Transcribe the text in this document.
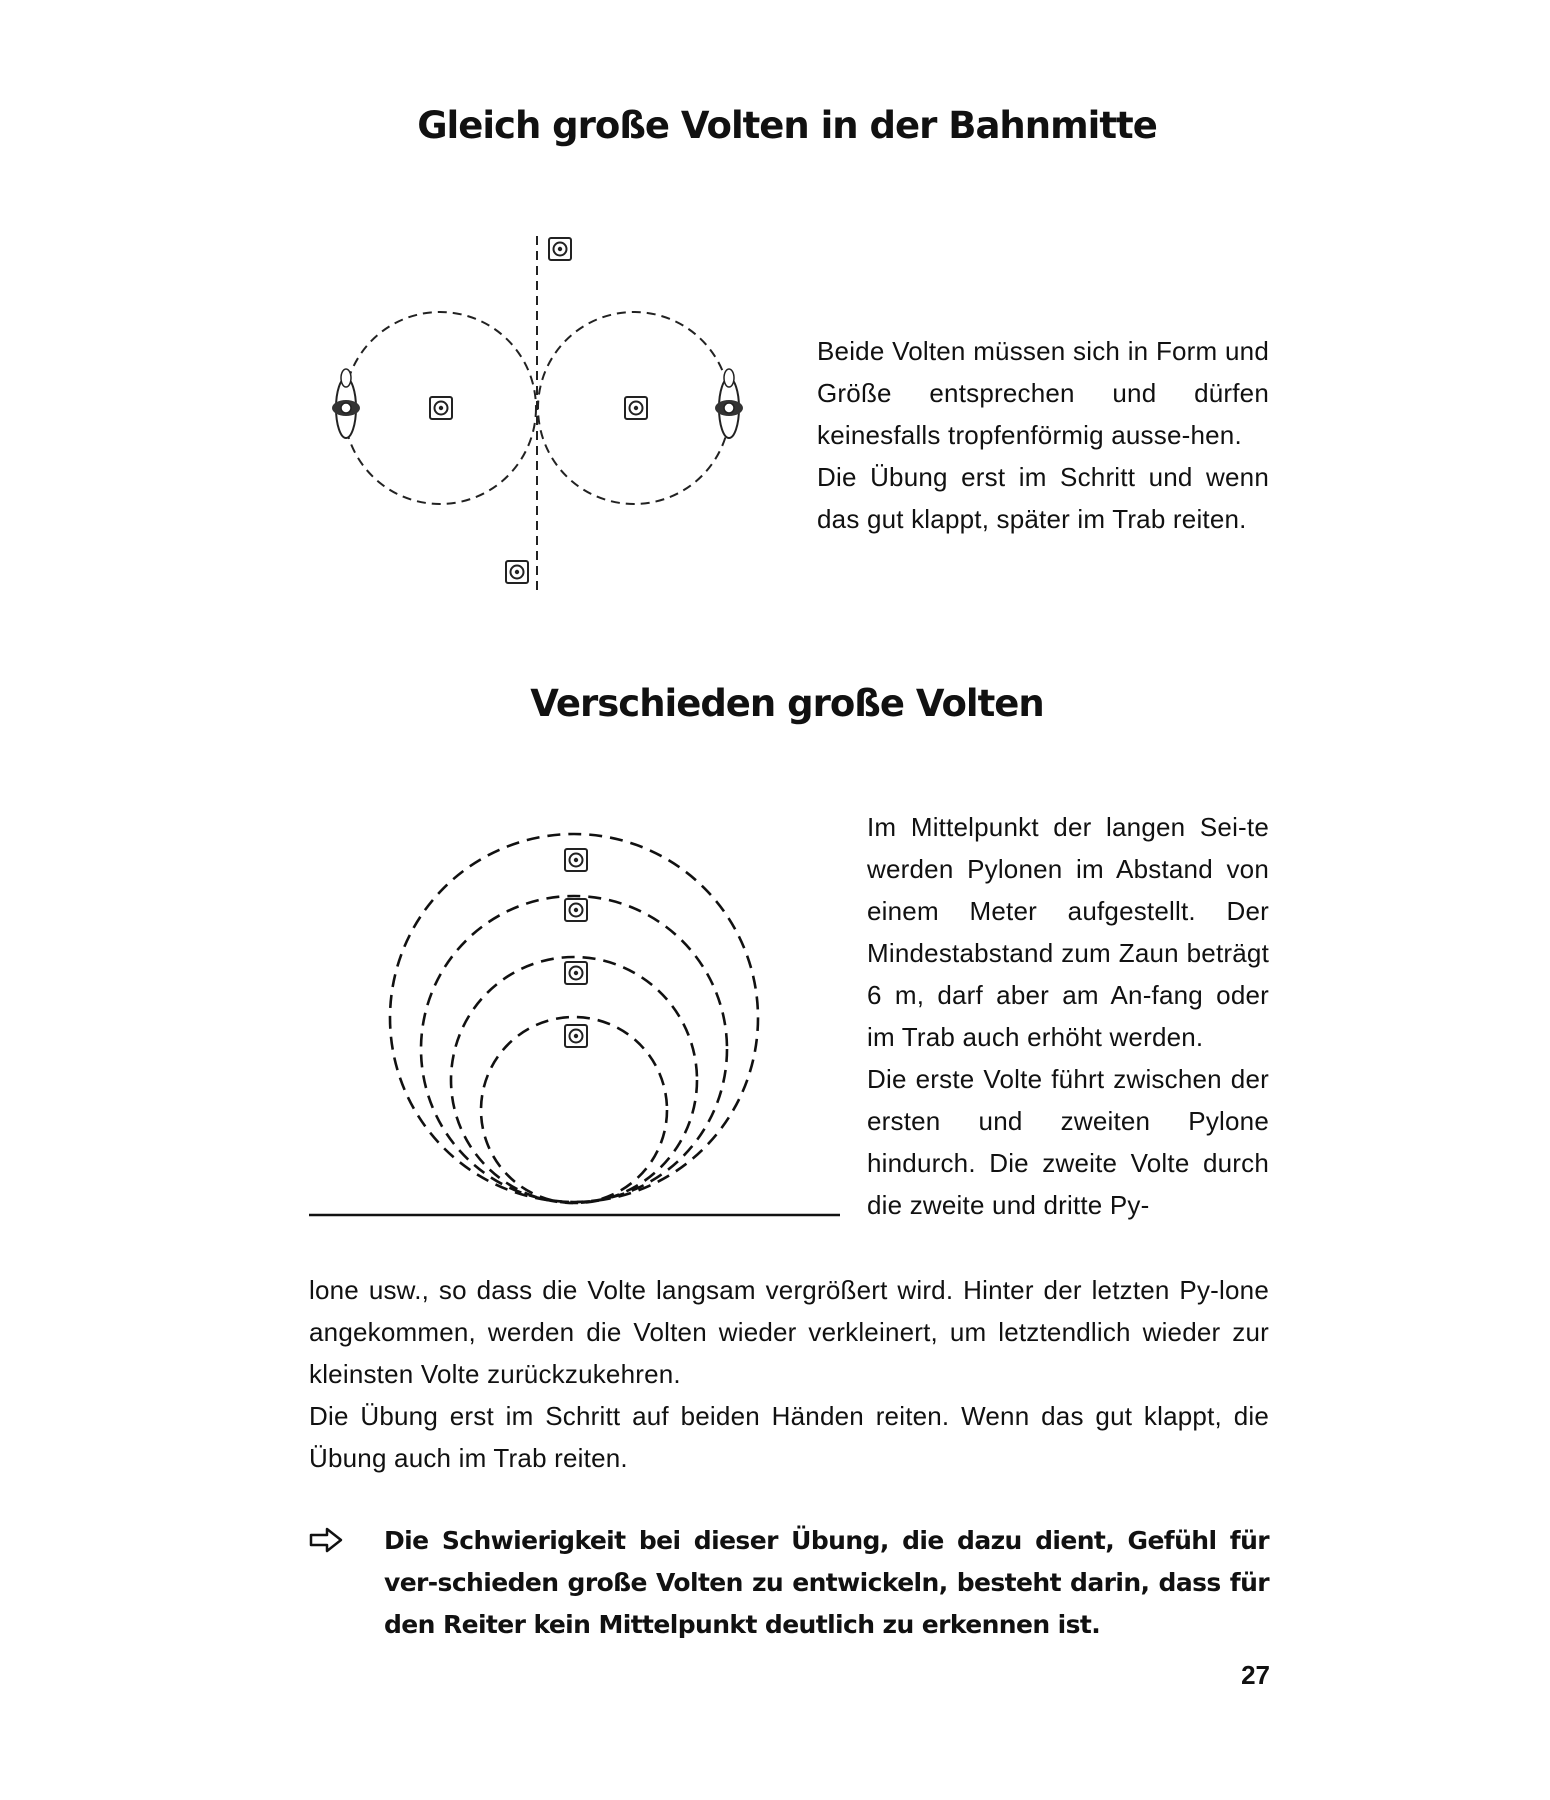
Gleich große Volten in der Bahnmitte
Verschieden große Volten

Beide Volten müssen sich in Form und Größe entsprechen und dürfen keinesfalls tropfenförmig ausse-hen.

Die Übung erst im Schritt und wenn das gut klappt, später im Trab reiten.

Im Mittelpunkt der langen Sei-te werden Pylonen im Abstand von einem Meter aufgestellt. Der Mindestabstand zum Zaun beträgt 6 m, darf aber am An-fang oder im Trab auch erhöht werden.

Die erste Volte führt zwischen der ersten und zweiten Pylone hindurch. Die zweite Volte durch die zweite und dritte Py-

lone usw., so dass die Volte langsam vergrößert wird. Hinter der letzten Py-lone angekommen, werden die Volten wieder verkleinert, um letztendlich wieder zur kleinsten Volte zurückzukehren.

Die Übung erst im Schritt auf beiden Händen reiten. Wenn das gut klappt, die Übung auch im Trab reiten.

Die Schwierigkeit bei dieser Übung, die dazu dient, Gefühl für ver-schieden große Volten zu entwickeln, besteht darin, dass für den Reiter kein Mittelpunkt deutlich zu erkennen ist.

27
